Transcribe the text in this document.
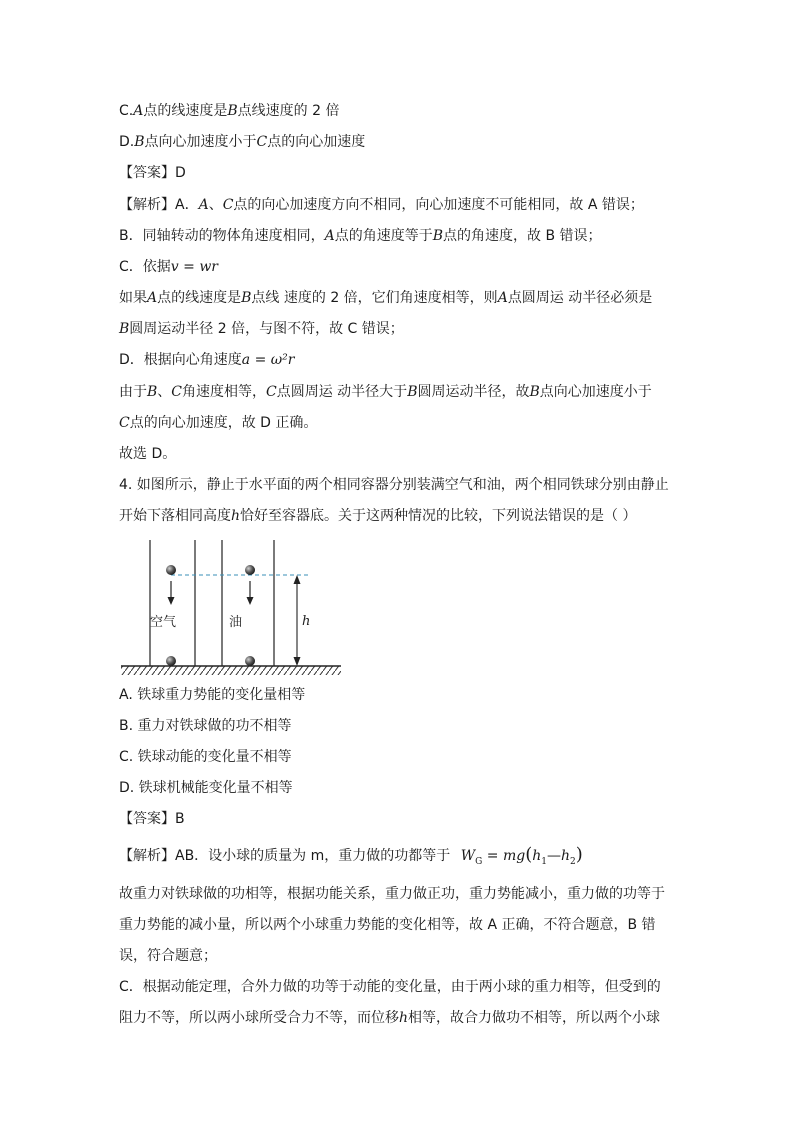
C.A点的线速度是B点线速度的 2 倍
D.B点向心加速度小于C点的向心加速度
【答案】D
【解析】A．A、C点的向心加速度方向不相同，向心加速度不可能相同，故 A 错误；
B．同轴转动的物体角速度相同，A点的角速度等于B点的角速度，故 B 错误；
C．依据v = wr
如果A点的线速度是B点线 速度的 2 倍，它们角速度相等，则A点圆周运 动半径必须是
B圆周运动半径 2 倍，与图不符，故 C 错误；
D．根据向心角速度a = ω²r
由于B、C角速度相等，C点圆周运 动半径大于B圆周运动半径，故B点向心加速度小于
C点的向心加速度，故 D 正确。
故选 D。
4. 如图所示，静止于水平面的两个相同容器分别装满空气和油，两个相同铁球分别由静止
开始下落相同高度h恰好至容器底。关于这两种情况的比较，下列说法错误的是（ ）
空气	油	h
A. 铁球重力势能的变化量相等
B. 重力对铁球做的功不相等
C. 铁球动能的变化量不相等
D. 铁球机械能变化量不相等
【答案】B
【解析】AB．设小球的质量为 m，重力做的功都等于 $W_G$ = $mg(h_1—h_2)$
故重力对铁球做的功相等，根据功能关系，重力做正功，重力势能减小，重力做的功等于
重力势能的减小量，所以两个小球重力势能的变化相等，故 A 正确，不符合题意，B 错
误，符合题意；
C．根据动能定理，合外力做的功等于动能的变化量，由于两小球的重力相等，但受到的
阻力不等，所以两小球所受合力不等，而位移h相等，故合力做功不相等，所以两个小球
